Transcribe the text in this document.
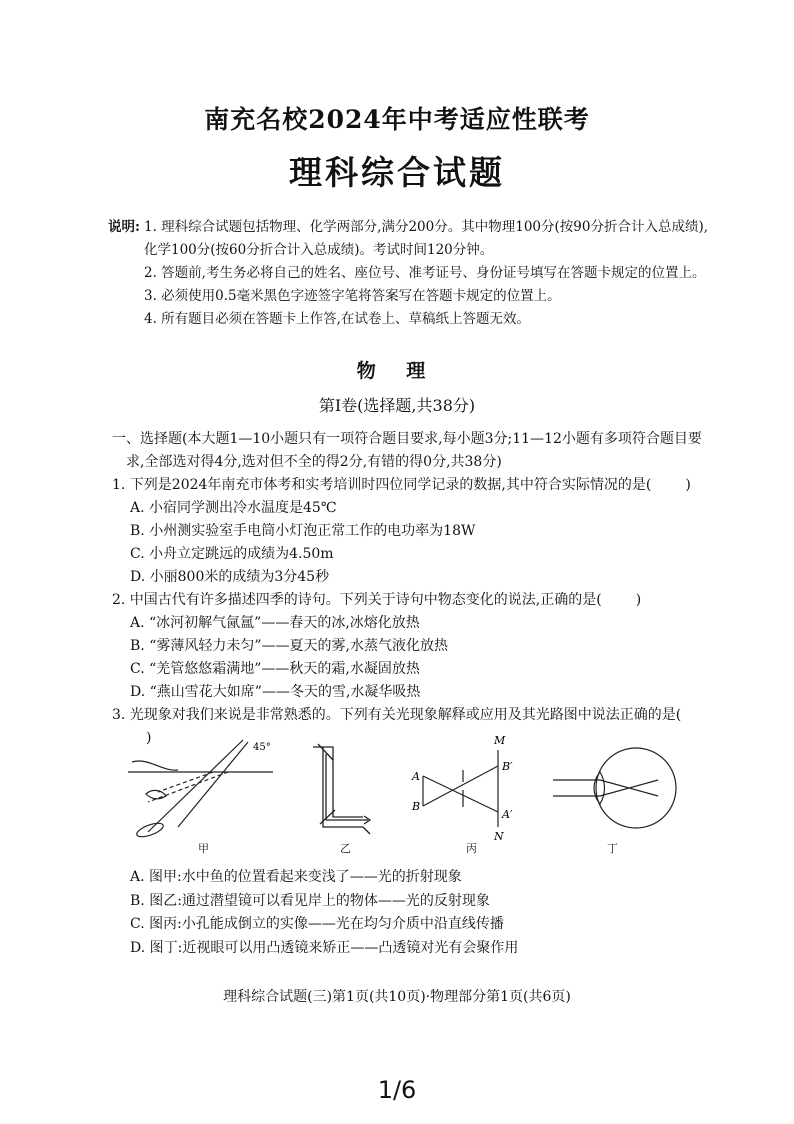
南充名校2024年中考适应性联考
理科综合试题
说明: 1. 理科综合试题包括物理、化学两部分,满分200分。其中物理100分(按90分折合计入总成绩),化学100分(按60分折合计入总成绩)。考试时间120分钟。
2. 答题前,考生务必将自己的姓名、座位号、准考证号、身份证号填写在答题卡规定的位置上。
3. 必须使用0.5毫米黑色字迹签字笔将答案写在答题卡规定的位置上。
4. 所有题目必须在答题卡上作答,在试卷上、草稿纸上答题无效。
物 理
第Ⅰ卷(选择题,共38分)
一、选择题(本大题1—10小题只有一项符合题目要求,每小题3分;11—12小题有多项符合题目要求,全部选对得4分,选对但不全的得2分,有错的得0分,共38分)
1. 下列是2024年南充市体考和实考培训时四位同学记录的数据,其中符合实际情况的是( )
A. 小宿同学测出冷水温度是45℃
B. 小州测实验室手电筒小灯泡正常工作的电功率为18W
C. 小舟立定跳远的成绩为4.50m
D. 小丽800米的成绩为3分45秒
2. 中国古代有许多描述四季的诗句。下列关于诗句中物态变化的说法,正确的是( )
A. “冰河初解气氤氲”——春天的冰,冰熔化放热
B. “雾薄风轻力未匀”——夏天的雾,水蒸气液化放热
C. “羌管悠悠霜满地”——秋天的霜,水凝固放热
D. “燕山雪花大如席”——冬天的雪,水凝华吸热
3. 光现象对我们来说是非常熟悉的。下列有关光现象解释或应用及其光路图中说法正确的是()
45°
M
N
A
B
B′
A′
甲	乙	丙	丁
A. 图甲:水中鱼的位置看起来变浅了——光的折射现象
B. 图乙:通过潜望镜可以看见岸上的物体——光的反射现象
C. 图丙:小孔能成倒立的实像——光在均匀介质中沿直线传播
D. 图丁:近视眼可以用凸透镜来矫正——凸透镜对光有会聚作用
理科综合试题(三)第1页(共10页)·物理部分第1页(共6页)
1/6
